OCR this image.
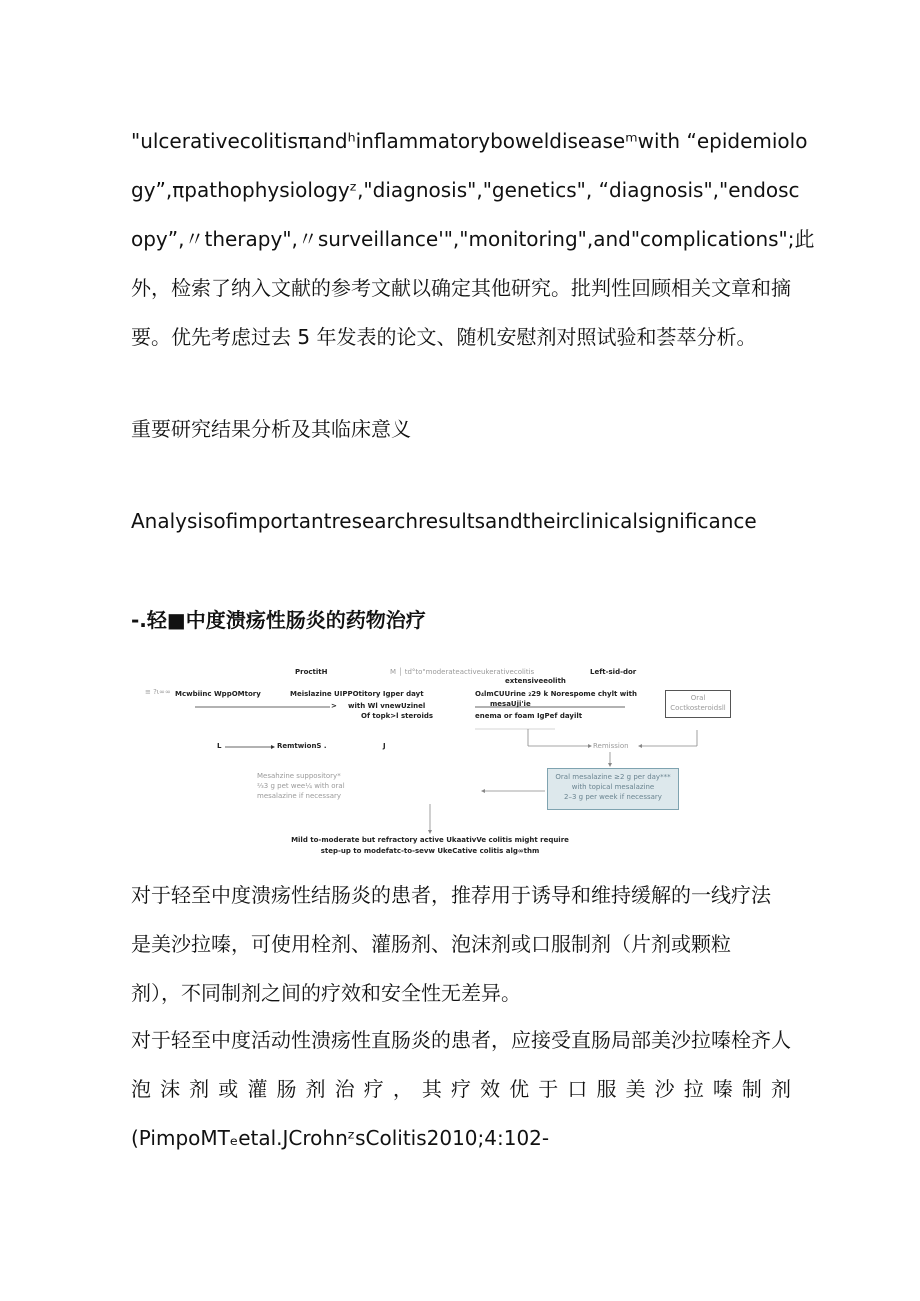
"ulcerativecolitisπandʰinflammatoryboweldiseaseᵐwith “epidemiolo
gy”,πpathophysiologyᶻ,"diagnosis","genetics", “diagnosis","endosc
opy”,〃therapy",〃surveillance'","monitoring",and"complications";此
外，检索了纳入文献的参考文献以确定其他研究。批判性回顾相关文章和摘
要。优先考虑过去 5 年发表的论文、随机安慰剂对照试验和荟萃分析。
重要研究结果分析及其临床意义
Analysisofimportantresearchresultsandtheirclinicalsignificance
-.轻■中度溃疡性肠炎的药物治疗
ProctitH	M │ td°to"moderateactiveukerativecolitis
extensiveeolith
Left-sid-dor
≡ ?ι∞∞ Mcwbiinc WppOMtory	Meislazine UIPPOtitory Igper dayt
> with Wl vnewUzinel
Of topk>l steroids
O₄lmCUUrine ₂29 k Norespome chylt with
mesaUji'ie
enema or foam IgPef dayilt
Oral
Coctkosteroidsll
L	RemtwionS .	J	Remission
Mesahzine suppository*
⅔3 g pet wee¼ with oral
mesalazine if necessary
Oral mesalazine ≥2 g per day***
with topical mesalazine
2–3 g per week if necessary
Mild to-moderate but refractory active UkaativVe colitis might require
step-up to modefatc-to-sevw UkeCative colitis alg∞thm
对于轻至中度溃疡性结肠炎的患者，推荐用于诱导和维持缓解的一线疗法
是美沙拉嗪，可使用栓剂、灌肠剂、泡沫剂或口服制剂（片剂或颗粒
剂），不同制剂之间的疗效和安全性无差异。
对于轻至中度活动性溃疡性直肠炎的患者，应接受直肠局部美沙拉嗪栓齐人
泡沫剂或灌肠剂治疗，其疗效优于口服美沙拉嗪制剂
(PimpoMTₑetal.JCrohnᶻsColitis2010;4:102-
